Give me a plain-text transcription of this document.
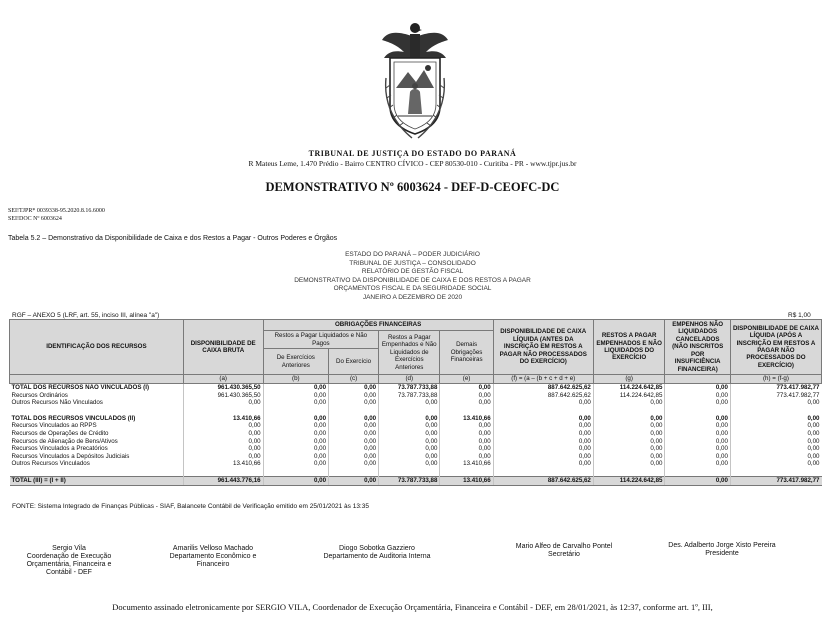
TRIBUNAL DE JUSTIÇA DO ESTADO DO PARANÁ
R Mateus Leme, 1.470 Prédio - Bairro CENTRO CÍVICO - CEP 80530-010 - Curitiba - PR - www.tjpr.jus.br
DEMONSTRATIVO Nº 6003624 - DEF-D-CEOFC-DC
SEI!TJPR* 0039338-95.2020.8.16.6000
SEI!DOC Nº 6003624
Tabela 5.2 – Demonstrativo da Disponibilidade de Caixa e dos Restos a Pagar - Outros Poderes e Órgãos
ESTADO DO PARANÁ – PODER JUDICIÁRIO
TRIBUNAL DE JUSTIÇA – CONSOLIDADO
RELATÓRIO DE GESTÃO FISCAL
DEMONSTRATIVO DA DISPONIBILIDADE DE CAIXA E DOS RESTOS A PAGAR
ORÇAMENTOS FISCAL E DA SEGURIDADE SOCIAL
JANEIRO A DEZEMBRO DE 2020
RGF – ANEXO 5 (LRF, art. 55, inciso III, alínea "a")	R$ 1,00
IDENTIFICAÇÃO DOS RECURSOS	DISPONIBILIDADE DE CAIXA BRUTA	OBRIGAÇÕES FINANCEIRAS				DISPONIBILIDADE DE CAIXA LÍQUIDA (ANTES DA INSCRIÇÃO EM RESTOS A PAGAR NÃO PROCESSADOS DO EXERCÍCIO)	RESTOS A PAGAR EMPENHADOS E NÃO LIQUIDADOS DO EXERCÍCIO	EMPENHOS NÃO LIQUIDADOS CANCELADOS (NÃO INSCRITOS POR INSUFICIÊNCIA FINANCEIRA)	DISPONIBILIDADE DE CAIXA LÍQUIDA (APÓS A INSCRIÇÃO EM RESTOS A PAGAR NÃO PROCESSADOS DO EXERCÍCIO)
		Restos a Pagar Liquidados e Não Pagos		Restos a Pagar Empenhados e Não Liquidados de Exercícios Anteriores	Demais Obrigações Financeiras				
		De Exercícios Anteriores	Do Exercício						
	(a)	(b)	(c)	(d)	(e)	(f) = (a – (b + c + d + e)	(g)		(h) = (f-g)
TOTAL DOS RECURSOS NÃO VINCULADOS (I)	961.430.365,50	0,00	0,00	73.787.733,88	0,00	887.642.625,62	114.224.642,85	0,00	773.417.982,77
Recursos Ordinários	961.430.365,50	0,00	0,00	73.787.733,88	0,00	887.642.625,62	114.224.642,85	0,00	773.417.982,77
Outros Recursos Não Vinculados	0,00	0,00	0,00	0,00	0,00	0,00	0,00	0,00	0,00

TOTAL DOS RECURSOS VINCULADOS (II)	13.410,66	0,00	0,00	0,00	13.410,66	0,00	0,00	0,00	0,00
Recursos Vinculados ao RPPS	0,00	0,00	0,00	0,00	0,00	0,00	0,00	0,00	0,00
Recursos de Operações de Crédito	0,00	0,00	0,00	0,00	0,00	0,00	0,00	0,00	0,00
Recursos de Alienação de Bens/Ativos	0,00	0,00	0,00	0,00	0,00	0,00	0,00	0,00	0,00
Recursos Vinculados a Precatórios	0,00	0,00	0,00	0,00	0,00	0,00	0,00	0,00	0,00
Recursos Vinculados a Depósitos Judiciais	0,00	0,00	0,00	0,00	0,00	0,00	0,00	0,00	0,00
Outros Recursos Vinculados	13.410,66	0,00	0,00	0,00	13.410,66	0,00	0,00	0,00	0,00

TOTAL (III) = (I + II)	961.443.776,16	0,00	0,00	73.787.733,88	13.410,66	887.642.625,62	114.224.642,85	0,00	773.417.982,77
FONTE: Sistema Integrado de Finanças Públicas - SIAF, Balancete Contábil de Verificação emitido em 25/01/2021 às 13:35
Sergio Vila
Coordenação de Execução Orçamentária, Financeira e Contábil - DEF
Amarilis Velloso Machado
Departamento Econômico e Financeiro
Diogo Sobotka Gazziero
Departamento de Auditoria Interna
Mario Alfeo de Carvalho Pontel
Secretário
Des. Adalberto Jorge Xisto Pereira
Presidente
Documento assinado eletronicamente por SERGIO VILA, Coordenador de Execução Orçamentária, Financeira e Contábil - DEF, em 28/01/2021, às 12:37, conforme art. 1º, III,
